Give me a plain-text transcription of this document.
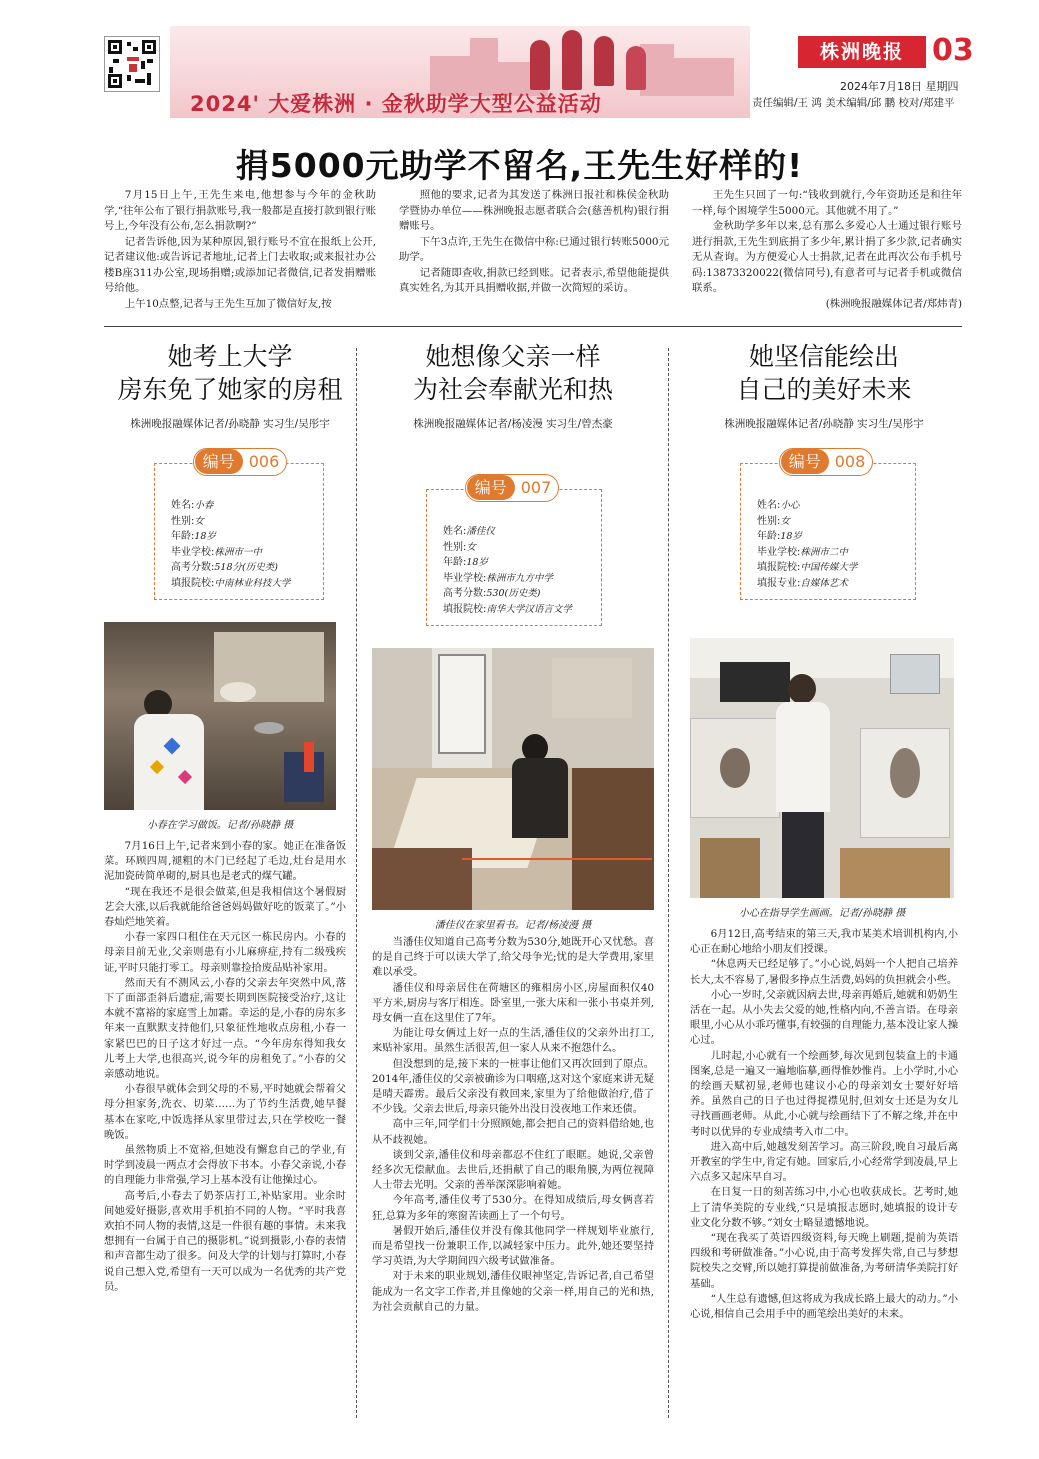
2024' 大爱株洲 · 金秋助学大型公益活动
株洲晚报 03
2024年7月18日 星期四
责任编辑/王 鸿 美术编辑/邱 鹏 校对/郑建平
捐5000元助学不留名,王先生好样的!

7月15日上午,王先生来电,他想参与今年的金秋助学,“往年公布了银行捐款账号,我一般都是直接打款到银行账号上,今年没有公布,怎么捐款啊?”

记者告诉他,因为某种原因,银行账号不宜在报纸上公开,记者建议他:或告诉记者地址,记者上门去收取;或来报社办公楼B座311办公室,现场捐赠;或添加记者微信,记者发捐赠账号给他。

上午10点整,记者与王先生互加了微信好友,按

照他的要求,记者为其发送了株洲日报社和株侯金秋助学暨协办单位——株洲晚报志愿者联合会(慈善机构)银行捐赠账号。

下午3点许,王先生在微信中称:已通过银行转账5000元助学。

记者随即查收,捐款已经到账。记者表示,希望他能提供真实姓名,为其开具捐赠收据,并做一次简短的采访。

王先生只回了一句:“钱收到就行,今年资助还是和往年一样,每个困境学生5000元。其他就不用了。”

金秋助学多年以来,总有那么多爱心人士通过银行账号进行捐款,王先生到底捐了多少年,累计捐了多少款,记者确实无从查询。为方便爱心人士捐款,记者在此再次公布手机号码:13873320022(微信同号),有意者可与记者手机或微信联系。

(株洲晚报融媒体记者/郑炜青)

她考上大学
房东免了她家的房租
株洲晚报融媒体记者/孙晓静 实习生/吴彤宇
编号 006
姓名:小春
性别:女
年龄:18岁
毕业学校:株洲市一中
高考分数:518分(历史类)
填报院校:中南林业科技大学
小春在学习做饭。记者/孙晓静 摄

7月16日上午,记者来到小春的家。她正在准备饭菜。环顾四周,褪粗的木门已经起了毛边,灶台是用水泥加瓷砖简单砌的,厨具也是老式的煤气罐。

“现在我还不是很会做菜,但是我相信这个暑假厨艺会大涨,以后我就能给爸爸妈妈做好吃的饭菜了。”小春灿烂地笑着。

小春一家四口租住在天元区一栋民房内。小春的母亲目前无业,父亲则患有小儿麻痹症,持有二级残疾证,平时只能打零工。母亲则靠捡拾废品贴补家用。

然而天有不测风云,小春的父亲去年突然中风,落下了面部歪斜后遗症,需要长期到医院接受治疗,这让本就不富裕的家庭雪上加霜。幸运的是,小春的房东多年来一直默默支持他们,只象征性地收点房租,小春一家紧巴巴的日子这才好过一点。“今年房东得知我女儿考上大学,也很高兴,说今年的房租免了。”小春的父亲感动地说。

小春很早就体会到父母的不易,平时她就会帮着父母分担家务,洗衣、切菜……为了节约生活费,她早餐基本在家吃,中饭选择从家里带过去,只在学校吃一餐晚饭。

虽然物质上不宽裕,但她没有懈怠自己的学业,有时学到凌晨一两点才会得放下书本。小春父亲说,小春的自理能力非常强,学习上基本没有让他操过心。

高考后,小春去了奶茶店打工,补贴家用。业余时间她爱好摄影,喜欢用手机拍不同的人物。“平时我喜欢拍不同人物的表情,这是一件很有趣的事情。未来我想拥有一台属于自己的摄影机。”说到摄影,小春的表情和声音都生动了很多。问及大学的计划与打算时,小春说自己想入党,希望有一天可以成为一名优秀的共产党员。

她想像父亲一样
为社会奉献光和热
株洲晚报融媒体记者/杨凌漫 实习生/曾杰豪
编号 007
姓名:潘佳仪
性别:女
年龄:18岁
毕业学校:株洲市九方中学
高考分数:530(历史类)
填报院校:南华大学汉语言文学
潘佳仪在家里看书。记者/杨凌漫 摄

当潘佳仪知道自己高考分数为530分,她既开心又忧愁。喜的是自己终于可以读大学了,给父母争光;忧的是大学费用,家里难以承受。

潘佳仪和母亲居住在荷塘区的雍相房小区,房屋面积仅40平方米,厨房与客厅相连。卧室里,一张大床和一张小书桌并列,母女俩一直在这里住了7年。

为能让母女俩过上好一点的生活,潘佳仪的父亲外出打工,来贴补家用。虽然生活很苦,但一家人从来不抱怨什么。

但没想到的是,接下来的一桩事让他们又再次回到了原点。2014年,潘佳仪的父亲被确诊为口咽癌,这对这个家庭来讲无疑是晴天霹雳。最后父亲没有救回来,家里为了给他做治疗,借了不少钱。父亲去世后,母亲只能外出没日没夜地工作来还债。

高中三年,同学们十分照顾她,都会把自己的资料借给她,也从不歧视她。

谈到父亲,潘佳仪和母亲都忍不住红了眼眶。她说,父亲曾经多次无偿献血。去世后,还捐献了自己的眼角膜,为两位视障人士带去光明。父亲的善举深深影响着她。

今年高考,潘佳仪考了530分。在得知成绩后,母女俩喜若狂,总算为多年的寒窗苦读画上了一个句号。

暑假开始后,潘佳仪并没有像其他同学一样规划毕业旅行,而是希望找一份兼职工作,以减轻家中压力。此外,她还要坚持学习英语,为大学期间四六级考试做准备。

对于未来的职业规划,潘佳仪眼神坚定,告诉记者,自己希望能成为一名文字工作者,并且像她的父亲一样,用自己的光和热,为社会贡献自己的力量。

她坚信能绘出
自己的美好未来
株洲晚报融媒体记者/孙晓静 实习生/吴彤宇
编号 008
姓名:小心
性别:女
年龄:18岁
毕业学校:株洲市二中
填报院校:中国传媒大学
填报专业:自媒体艺术
小心在指导学生画画。记者/孙晓静 摄

6月12日,高考结束的第三天,我市某美术培训机构内,小心正在耐心地给小朋友们授课。

“休息两天已经足够了。”小心说,妈妈一个人把自己培养长大,太不容易了,暑假多挣点生活费,妈妈的负担就会小些。

小心一岁时,父亲就因病去世,母亲再婚后,她就和奶奶生活在一起。从小失去父爱的她,性格内向,不善言语。在母亲眼里,小心从小乖巧懂事,有较强的自理能力,基本没让家人操心过。

儿时起,小心就有一个绘画梦,每次见到包装盒上的卡通图案,总是一遍又一遍地临摹,画得惟妙惟肖。上小学时,小心的绘画天赋初显,老师也建议小心的母亲刘女士要好好培养。虽然自己的日子也过得捉襟见肘,但刘女士还是为女儿寻找画画老师。从此,小心就与绘画结下了不解之缘,并在中考时以优异的专业成绩考入市二中。

进入高中后,她越发刻苦学习。高三阶段,晚自习最后离开教室的学生中,肯定有她。回家后,小心经常学到凌晨,早上六点多又起床早自习。

在日复一日的刻苦练习中,小心也收获成长。艺考时,她上了清华美院的专业线,“只是填报志愿时,她填报的设计专业文化分数不够。”刘女士略显遗憾地说。

“现在我买了英语四级资料,每天晚上刷题,提前为英语四级和考研做准备。”小心说,由于高考发挥失常,自己与梦想院校失之交臂,所以她打算提前做准备,为考研清华美院打好基础。

“人生总有遗憾,但这将成为我成长路上最大的动力。”小心说,相信自己会用手中的画笔绘出美好的未来。
